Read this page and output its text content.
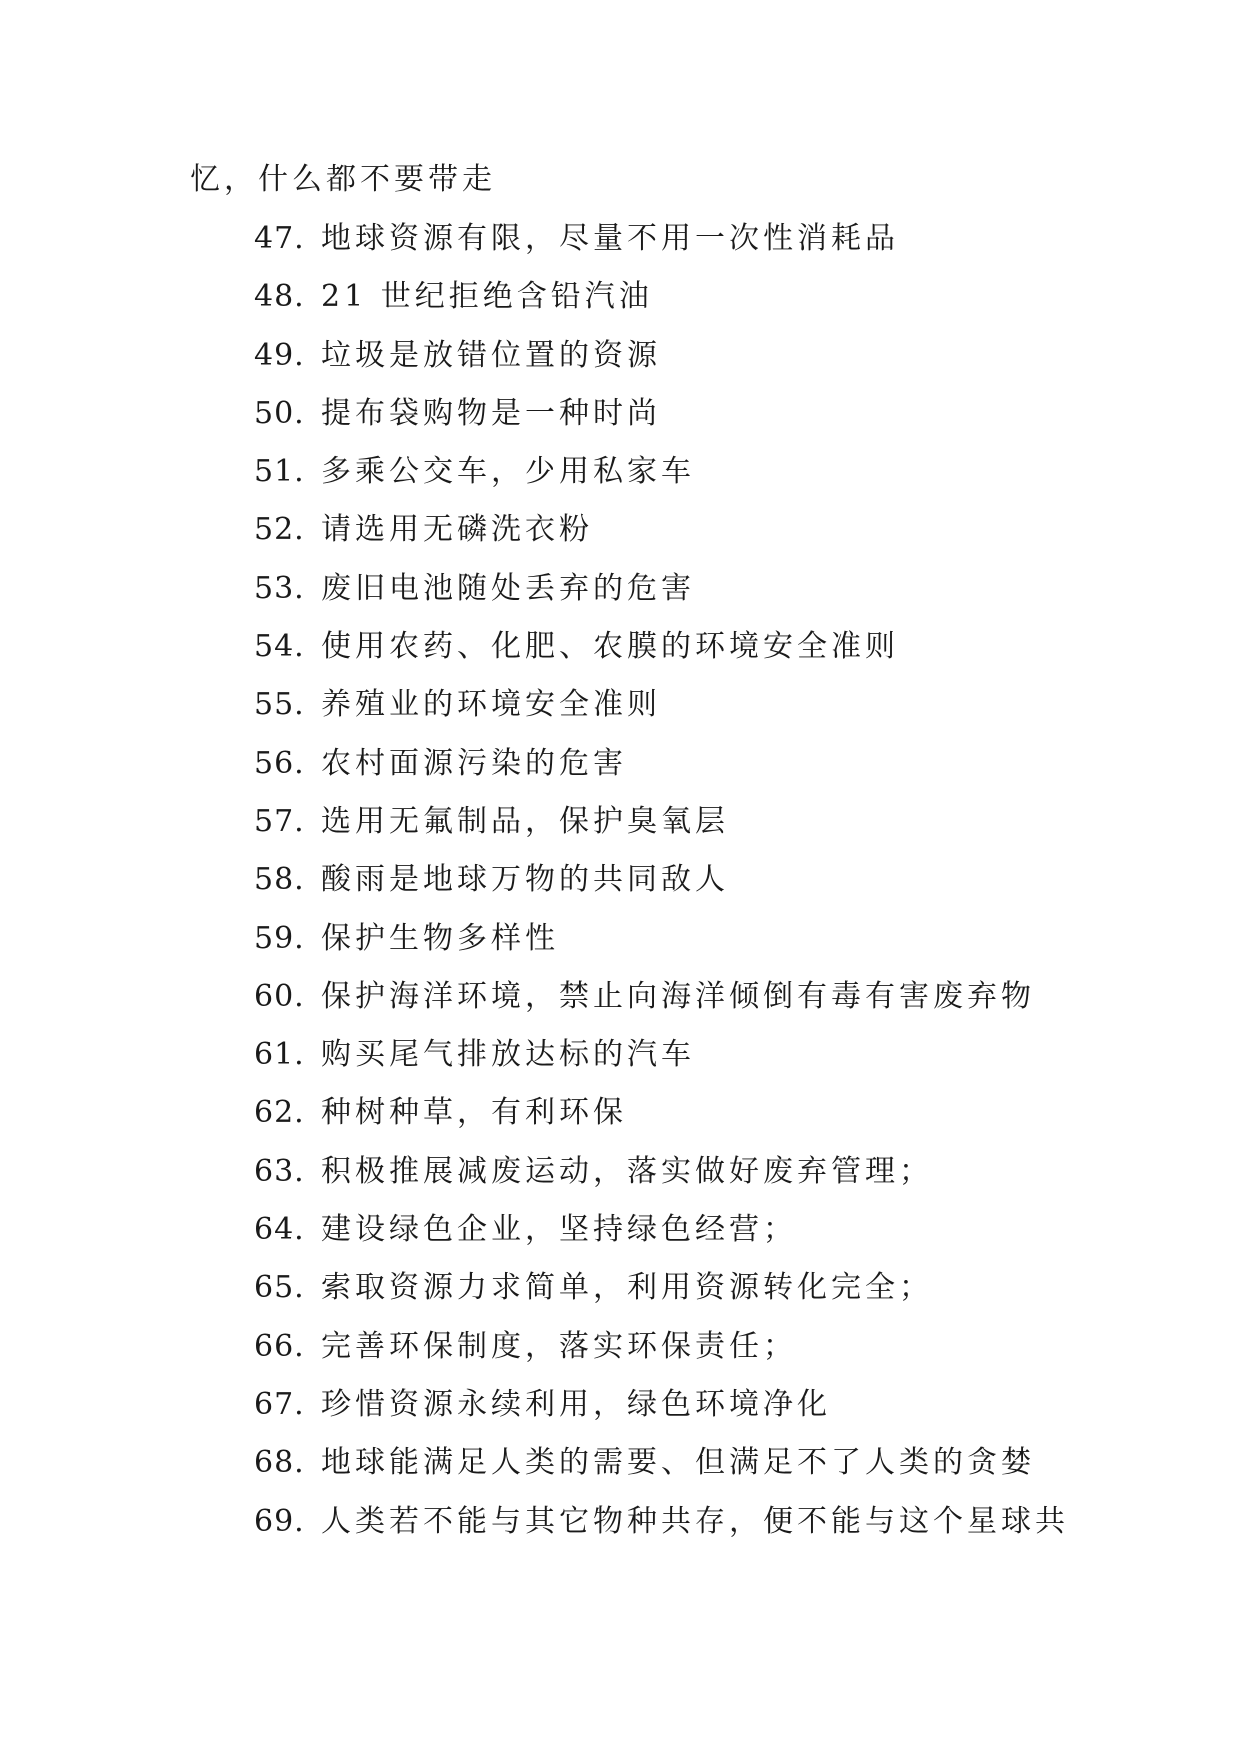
忆，什么都不要带走
47. 地球资源有限，尽量不用一次性消耗品
48. 21 世纪拒绝含铅汽油
49. 垃圾是放错位置的资源
50. 提布袋购物是一种时尚
51. 多乘公交车，少用私家车
52. 请选用无磷洗衣粉
53. 废旧电池随处丢弃的危害
54. 使用农药、化肥、农膜的环境安全准则
55. 养殖业的环境安全准则
56. 农村面源污染的危害
57. 选用无氟制品，保护臭氧层
58. 酸雨是地球万物的共同敌人
59. 保护生物多样性
60. 保护海洋环境，禁止向海洋倾倒有毒有害废弃物
61. 购买尾气排放达标的汽车
62. 种树种草，有利环保
63. 积极推展减废运动，落实做好废弃管理；
64. 建设绿色企业，坚持绿色经营；
65. 索取资源力求简单，利用资源转化完全；
66. 完善环保制度，落实环保责任；
67. 珍惜资源永续利用，绿色环境净化
68. 地球能满足人类的需要、但满足不了人类的贪婪
69. 人类若不能与其它物种共存，便不能与这个星球共
